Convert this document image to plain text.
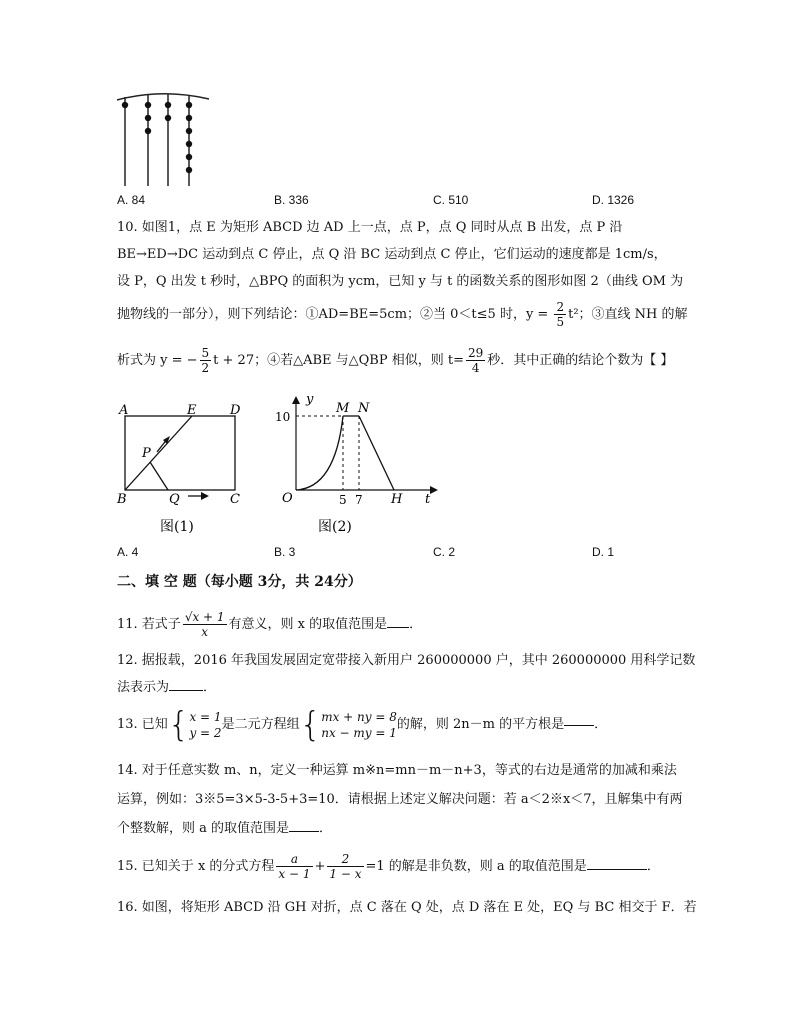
A. 84	B. 336	C. 510	D. 1326
10. 如图1，点 E 为矩形 ABCD 边 AD 上一点，点 P，点 Q 同时从点 B 出发，点 P 沿
BE→ED→DC 运动到点 C 停止，点 Q 沿 BC 运动到点 C 停止，它们运动的速度都是 1cm/s，
设 P，Q 出发 t 秒时，△BPQ 的面积为 ycm，已知 y 与 t 的函数关系的图形如图 2（曲线 OM 为
抛物线的一部分），则下列结论：①AD=BE=5cm；②当 0＜t≤5 时，$y = \frac{2}{5} t^2$；③直线 NH 的解
析式为 y = − $\frac{5}{2}$ t + 27；④若△ABE 与△QBP 相似，则 $t= \frac{29}{4}$ 秒．其中正确的结论个数为【 】
A	E	D
P
B	Q	C
图(1)
y
10
M N
O	5 7 H t
图(2)
A. 4	B. 3	C. 2	D. 1
二、填 空 题（每小题 3分，共 24分）
11. 若式子 $\frac{√x + 1}{x}$ 有意义，则 x 的取值范围是 ．
12. 据报载，2016 年我国发展固定宽带接入新用户 260000000 户，其中 260000000 用科学记数
法表示为	．
13. 已知{ x = 1
y = 2
是二元方程组{ mx + ny = 8
nx − my = 1
的解，则 2n－m 的平方根是 ．
14. 对于任意实数 m、n，定义一种运算 m※n=mn－m－n+3，等式的右边是通常的加减和乘法
运算，例如：3※5=3×5-3-5+3=10．请根据上述定义解决问题：若 a＜2※x＜7，且解集中有两
个整数解，则 a 的取值范围是 ．
15. 已知关于 x 的分式方程 $\frac{a}{x - 1} + \frac{2}{1 - x} =1$ 的解是非负数，则 a 的取值范围是	．
16. 如图，将矩形 ABCD 沿 GH 对折，点 C 落在 Q 处，点 D 落在 E 处，EQ 与 BC 相交于 F．若
